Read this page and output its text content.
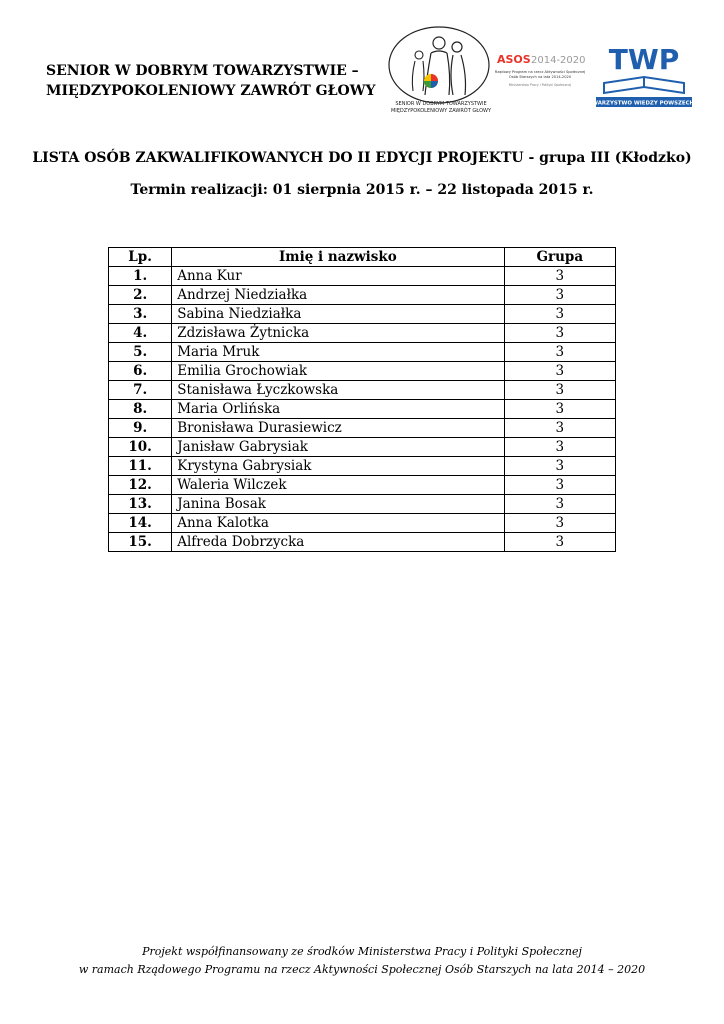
SENIOR W DOBRYM TOWARZYSTWIE –
MIĘDZYPOKOLENIOWY ZAWRÓT GŁOWY
SENIOR W DOBRYM TOWARZYSTWIE
MIĘDZYPOKOLENIOWY ZAWRÓT GŁOWY
ASOS 2014-2020
Rządowy Program na rzecz Aktywności Społecznej
Osób Starszych na lata 2014-2020
Ministerstwo Pracy i Polityki Społecznej
TWP
TOWARZYSTWO WIEDZY POWSZECHNEJ
LISTA OSÓB ZAKWALIFIKOWANYCH DO II EDYCJI PROJEKTU - grupa III (Kłodzko)
Termin realizacji: 01 sierpnia 2015 r. – 22 listopada 2015 r.
Lp.	Imię i nazwisko	Grupa
1.	Anna Kur	3
2.	Andrzej Niedziałka	3
3.	Sabina Niedziałka	3
4.	Zdzisława Żytnicka	3
5.	Maria Mruk	3
6.	Emilia Grochowiak	3
7.	Stanisława Łyczkowska	3
8.	Maria Orlińska	3
9.	Bronisława Durasiewicz	3
10.	Janisław Gabrysiak	3
11.	Krystyna Gabrysiak	3
12.	Waleria Wilczek	3
13.	Janina Bosak	3
14.	Anna Kalotka	3
15.	Alfreda Dobrzycka	3
Projekt współfinansowany ze środków Ministerstwa Pracy i Polityki Społecznej
w ramach Rządowego Programu na rzecz Aktywności Społecznej Osób Starszych na lata 2014 – 2020
